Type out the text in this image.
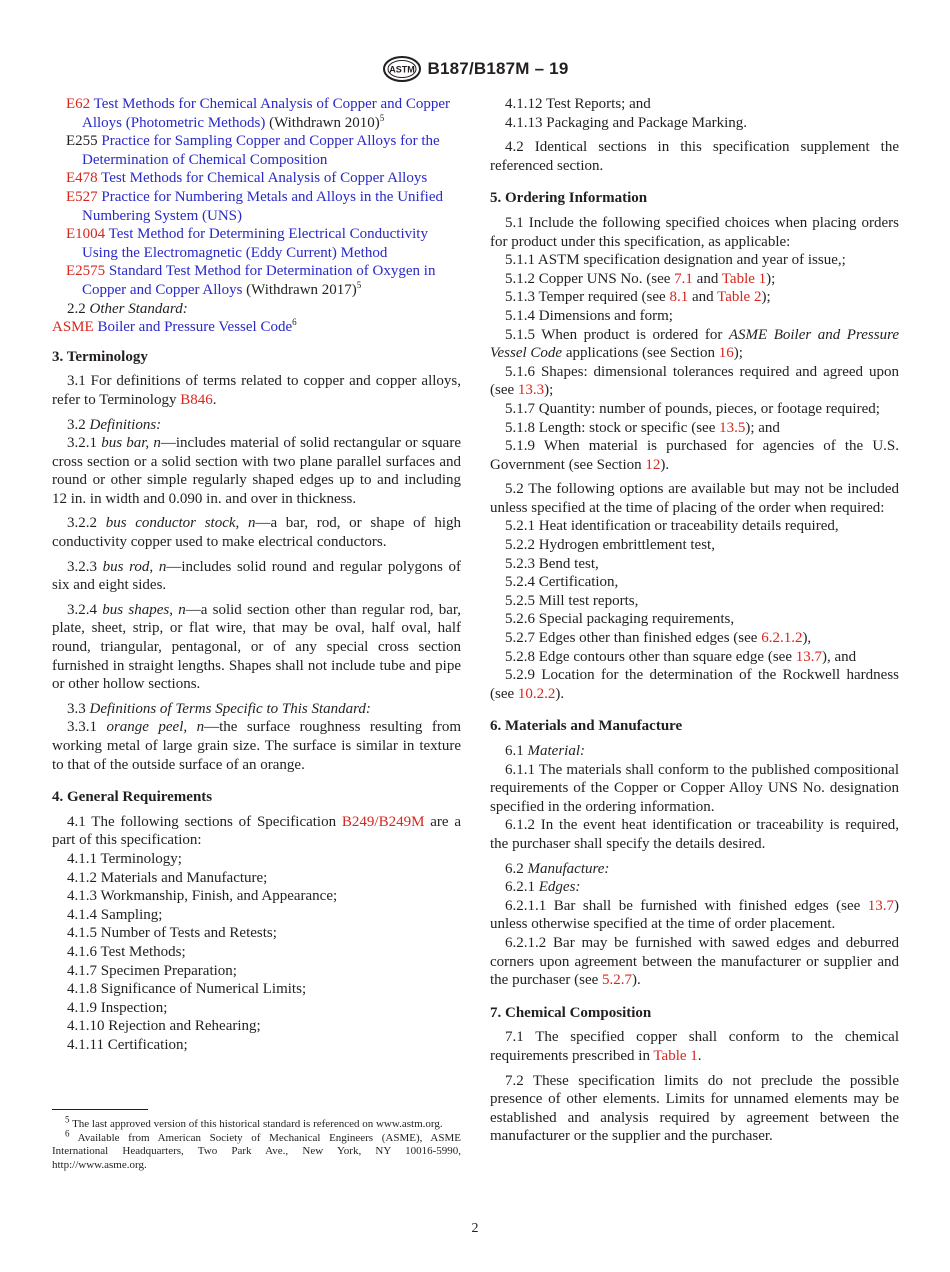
ASTM B187/B187M – 19

E62 Test Methods for Chemical Analysis of Copper and Copper Alloys (Photometric Methods) (Withdrawn 2010)$^5$

E255 Practice for Sampling Copper and Copper Alloys for the Determination of Chemical Composition

E478 Test Methods for Chemical Analysis of Copper Alloys

E527 Practice for Numbering Metals and Alloys in the Unified Numbering System (UNS)

E1004 Test Method for Determining Electrical Conductivity Using the Electromagnetic (Eddy Current) Method

E2575 Standard Test Method for Determination of Oxygen in Copper and Copper Alloys (Withdrawn 2017)$^5$

2.2 Other Standard:

ASME Boiler and Pressure Vessel Code$^6$

3. Terminology

3.1 For definitions of terms related to copper and copper alloys, refer to Terminology B846.

3.2 Definitions:

3.2.1 bus bar, n—includes material of solid rectangular or square cross section or a solid section with two plane parallel surfaces and round or other simple regularly shaped edges up to and including 12 in. in width and 0.090 in. and over in thickness.

3.2.2 bus conductor stock, n—a bar, rod, or shape of high conductivity copper used to make electrical conductors.

3.2.3 bus rod, n—includes solid round and regular polygons of six and eight sides.

3.2.4 bus shapes, n—a solid section other than regular rod, bar, plate, sheet, strip, or flat wire, that may be oval, half oval, half round, triangular, pentagonal, or of any special cross section furnished in straight lengths. Shapes shall not include tube and pipe or other hollow sections.

3.3 Definitions of Terms Specific to This Standard:

3.3.1 orange peel, n—the surface roughness resulting from working metal of large grain size. The surface is similar in texture to that of the outside surface of an orange.

4. General Requirements

4.1 The following sections of Specification B249/B249M are a part of this specification:

4.1.1 Terminology;

4.1.2 Materials and Manufacture;

4.1.3 Workmanship, Finish, and Appearance;

4.1.4 Sampling;

4.1.5 Number of Tests and Retests;

4.1.6 Test Methods;

4.1.7 Specimen Preparation;

4.1.8 Significance of Numerical Limits;

4.1.9 Inspection;

4.1.10 Rejection and Rehearing;

4.1.11 Certification;

4.1.12 Test Reports; and

4.1.13 Packaging and Package Marking.

4.2 Identical sections in this specification supplement the referenced section.

5. Ordering Information

5.1 Include the following specified choices when placing orders for product under this specification, as applicable:

5.1.1 ASTM specification designation and year of issue,;

5.1.2 Copper UNS No. (see 7.1 and Table 1);

5.1.3 Temper required (see 8.1 and Table 2);

5.1.4 Dimensions and form;

5.1.5 When product is ordered for ASME Boiler and Pressure Vessel Code applications (see Section 16);

5.1.6 Shapes: dimensional tolerances required and agreed upon (see 13.3);

5.1.7 Quantity: number of pounds, pieces, or footage required;

5.1.8 Length: stock or specific (see 13.5); and

5.1.9 When material is purchased for agencies of the U.S. Government (see Section 12).

5.2 The following options are available but may not be included unless specified at the time of placing of the order when required:

5.2.1 Heat identification or traceability details required,

5.2.2 Hydrogen embrittlement test,

5.2.3 Bend test,

5.2.4 Certification,

5.2.5 Mill test reports,

5.2.6 Special packaging requirements,

5.2.7 Edges other than finished edges (see 6.2.1.2),

5.2.8 Edge contours other than square edge (see 13.7), and

5.2.9 Location for the determination of the Rockwell hardness (see 10.2.2).

6. Materials and Manufacture

6.1 Material:

6.1.1 The materials shall conform to the published compositional requirements of the Copper or Copper Alloy UNS No. designation specified in the ordering information.

6.1.2 In the event heat identification or traceability is required, the purchaser shall specify the details desired.

6.2 Manufacture:

6.2.1 Edges:

6.2.1.1 Bar shall be furnished with finished edges (see 13.7) unless otherwise specified at the time of order placement.

6.2.1.2 Bar may be furnished with sawed edges and deburred corners upon agreement between the manufacturer or supplier and the purchaser (see 5.2.7).

7. Chemical Composition

7.1 The specified copper shall conform to the chemical requirements prescribed in Table 1.

7.2 These specification limits do not preclude the possible presence of other elements. Limits for unnamed elements may be established and analysis required by agreement between the manufacturer or the supplier and the purchaser.

$^5$ The last approved version of this historical standard is referenced on www.astm.org.

$^6$ Available from American Society of Mechanical Engineers (ASME), ASME International Headquarters, Two Park Ave., New York, NY 10016-5990, http://www.asme.org.

2
